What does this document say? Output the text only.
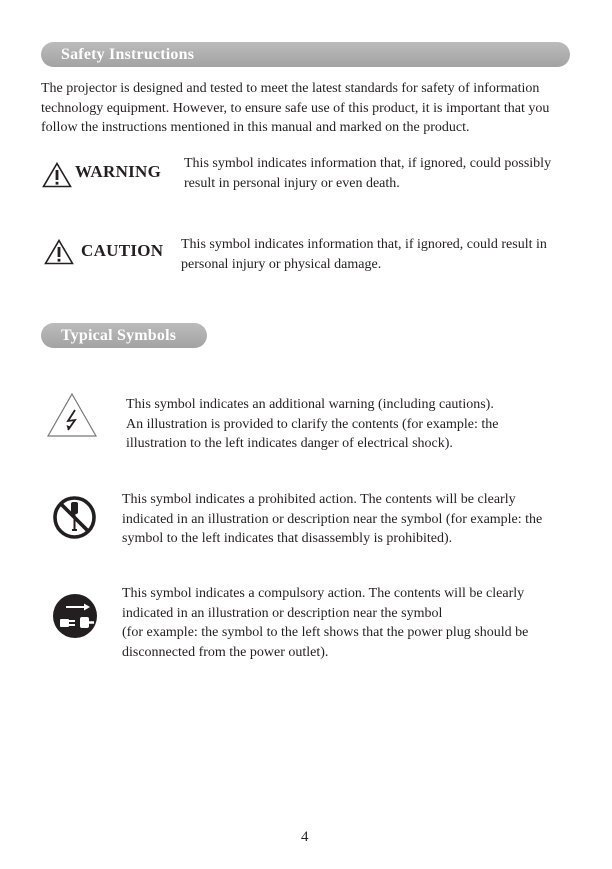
Safety Instructions
The projector is designed and tested to meet the latest standards for safety of information
technology equipment. However, to ensure safe use of this product, it is important that you
follow the instructions mentioned in this manual and marked on the product.
WARNING This symbol indicates information that, if ignored, could possibly
result in personal injury or even death.
CAUTION This symbol indicates information that, if ignored, could result in
personal injury or physical damage.
Typical Symbols
This symbol indicates an additional warning (including cautions).
An illustration is provided to clarify the contents (for example: the
illustration to the left indicates danger of electrical shock).
This symbol indicates a prohibited action. The contents will be clearly
indicated in an illustration or description near the symbol (for example: the
symbol to the left indicates that disassembly is prohibited).
This symbol indicates a compulsory action. The contents will be clearly
indicated in an illustration or description near the symbol
(for example: the symbol to the left shows that the power plug should be
disconnected from the power outlet).
4
